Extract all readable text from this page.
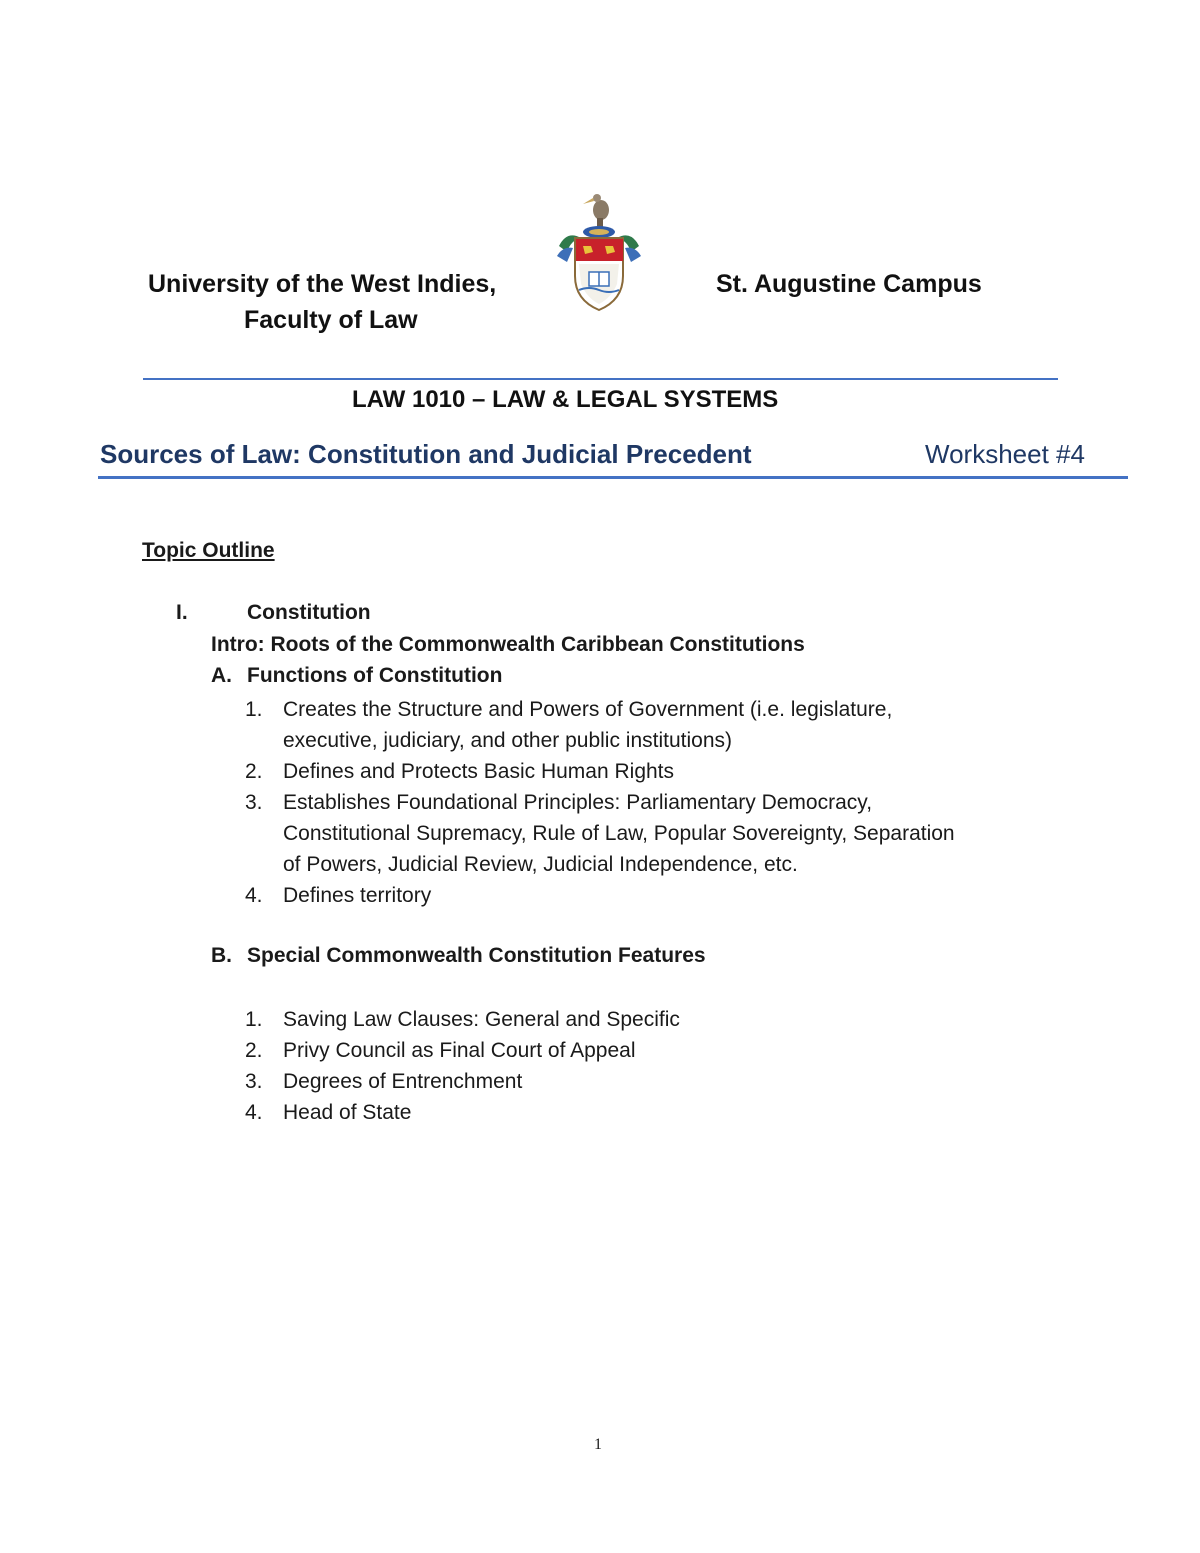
University of the West Indies,
Faculty of Law
St. Augustine Campus
LAW 1010 – LAW & LEGAL SYSTEMS
Sources of Law: Constitution and Judicial Precedent	Worksheet #4
Topic Outline
I.	Constitution
Intro: Roots of the Commonwealth Caribbean Constitutions
A. Functions of Constitution
1. Creates the Structure and Powers of Government (i.e. legislature,
executive, judiciary, and other public institutions)
2. Defines and Protects Basic Human Rights
3. Establishes Foundational Principles: Parliamentary Democracy,
Constitutional Supremacy, Rule of Law, Popular Sovereignty, Separation
of Powers, Judicial Review, Judicial Independence, etc.
4. Defines territory
B. Special Commonwealth Constitution Features
1. Saving Law Clauses: General and Specific
2. Privy Council as Final Court of Appeal
3. Degrees of Entrenchment
4. Head of State
1
